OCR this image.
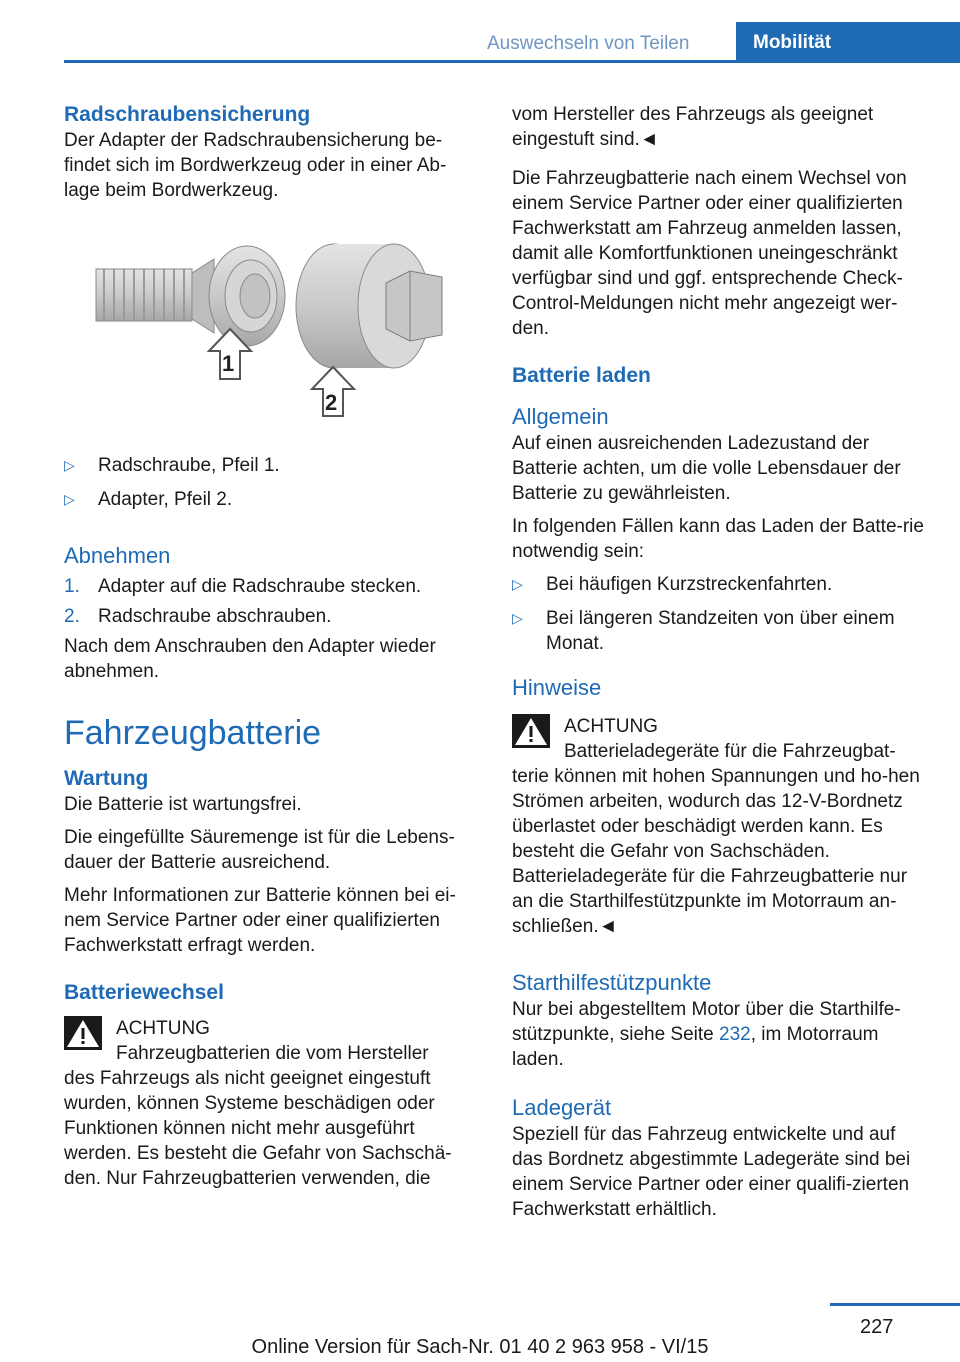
Auswechseln von Teilen	Mobilität
Radschraubensicherung

Der Adapter der Radschraubensicherung be-findet sich im Bordwerkzeug oder in einer Ab-lage beim Bordwerkzeug.

1
2
▷ Radschraube, Pfeil 1.
▷ Adapter, Pfeil 2.
Abnehmen
1. Adapter auf die Radschraube stecken.
2. Radschraube abschrauben.

Nach dem Anschrauben den Adapter wieder abnehmen.

Fahrzeugbatterie
Wartung

Die Batterie ist wartungsfrei.

Die eingefüllte Säuremenge ist für die Lebens-dauer der Batterie ausreichend.

Mehr Informationen zur Batterie können bei ei-nem Service Partner oder einer qualifizierten Fachwerkstatt erfragt werden.

Batteriewechsel
ACHTUNG
Fahrzeugbatterien die vom Hersteller
des Fahrzeugs als nicht geeignet eingestuft wurden, können Systeme beschädigen oder Funktionen können nicht mehr ausgeführt werden. Es besteht die Gefahr von Sachschä-den. Nur Fahrzeugbatterien verwenden, die

vom Hersteller des Fahrzeugs als geeignet eingestuft sind.◄

Die Fahrzeugbatterie nach einem Wechsel von einem Service Partner oder einer qualifizierten Fachwerkstatt am Fahrzeug anmelden lassen, damit alle Komfortfunktionen uneingeschränkt verfügbar sind und ggf. entsprechende Check-Control-Meldungen nicht mehr angezeigt wer-den.

Batterie laden
Allgemein

Auf einen ausreichenden Ladezustand der Batterie achten, um die volle Lebensdauer der Batterie zu gewährleisten.

In folgenden Fällen kann das Laden der Batte-rie notwendig sein:

▷ Bei häufigen Kurzstreckenfahrten.
▷ Bei längeren Standzeiten von über einem Monat.
Hinweise
ACHTUNG
Batterieladegeräte für die Fahrzeugbat-
terie können mit hohen Spannungen und ho-hen Strömen arbeiten, wodurch das 12-V-Bordnetz überlastet oder beschädigt werden kann. Es besteht die Gefahr von Sachschäden. Batterieladegeräte für die Fahrzeugbatterie nur an die Starthilfestützpunkte im Motorraum an-schließen.◄
Starthilfestützpunkte

Nur bei abgestelltem Motor über die Starthilfe-stützpunkte, siehe Seite 232, im Motorraum laden.

Ladegerät

Speziell für das Fahrzeug entwickelte und auf das Bordnetz abgestimmte Ladegeräte sind bei einem Service Partner oder einer qualifi-zierten Fachwerkstatt erhältlich.

227
Online Version für Sach-Nr. 01 40 2 963 958 - VI/15
